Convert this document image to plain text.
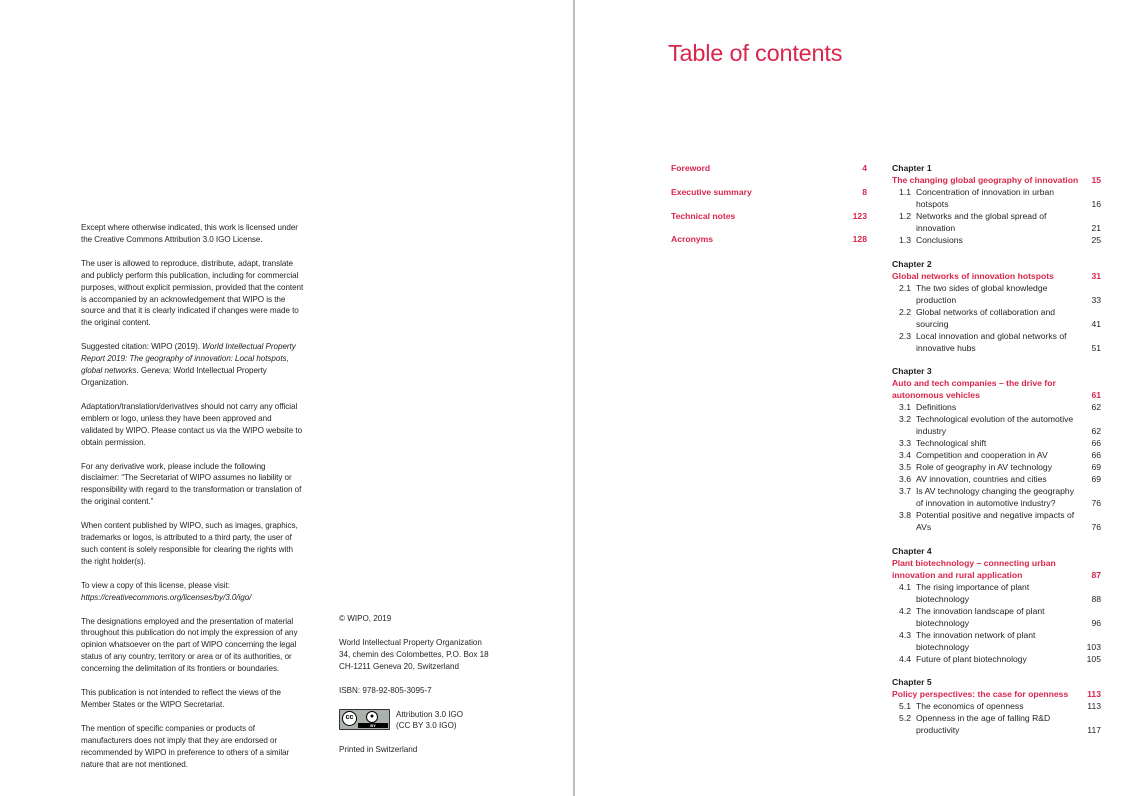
Except where otherwise indicated, this work is licensed under the Creative Commons Attribution 3.0 IGO License.

The user is allowed to reproduce, distribute, adapt, translate and publicly perform this publication, including for commercial purposes, without explicit permission, provided that the content is accompanied by an acknowledgement that WIPO is the source and that it is clearly indicated if changes were made to the original content.

Suggested citation: WIPO (2019). World Intellectual Property Report 2019: The geography of innovation: Local hotspots, global networks. Geneva: World Intellectual Property Organization.

Adaptation/translation/derivatives should not carry any official emblem or logo, unless they have been approved and validated by WIPO. Please contact us via the WIPO website to obtain permission.

For any derivative work, please include the following disclaimer: “The Secretariat of WIPO assumes no liability or responsibility with regard to the transformation or translation of the original content.”

When content published by WIPO, such as images, graphics, trademarks or logos, is attributed to a third party, the user of such content is solely responsible for clearing the rights with the right holder(s).

To view a copy of this license, please visit:
https://creativecommons.org/licenses/by/3.0/igo/

The designations employed and the presentation of material throughout this publication do not imply the expression of any opinion whatsoever on the part of WIPO concerning the legal status of any country, territory or area or of its authorities, or concerning the delimitation of its frontiers or boundaries.

This publication is not intended to reflect the views of the Member States or the WIPO Secretariat.

The mention of specific companies or products of manufacturers does not imply that they are endorsed or recommended by WIPO in preference to others of a similar nature that are not mentioned.

© WIPO, 2019

World Intellectual Property Organization
34, chemin des Colombettes, P.O. Box 18
CH-1211 Geneva 20, Switzerland

ISBN: 978-92-805-3095-7

cc	●
BY
Attribution 3.0 IGO
(CC BY 3.0 IGO)

Printed in Switzerland

Table of contents
Foreword	4
Executive summary	8
Technical notes	123
Acronyms	128
Chapter 1
The changing global geography of innovation 15
1.1 Concentration of innovation in urban hotspots	16
1.2 Networks and the global spread of innovation	21
1.3 Conclusions	25
Chapter 2
Global networks of innovation hotspots	31
2.1 The two sides of global knowledge production	33
2.2 Global networks of collaboration and sourcing	41
2.3 Local innovation and global networks of innovative hubs	51
Chapter 3
Auto and tech companies – the drive for autonomous vehicles	61
3.1 Definitions	62
3.2 Technological evolution of the automotive industry	62
3.3 Technological shift	66
3.4 Competition and cooperation in AV	66
3.5 Role of geography in AV technology	69
3.6 AV innovation, countries and cities	69
3.7 Is AV technology changing the geography of innovation in automotive industry?	76
3.8 Potential positive and negative impacts of AVs	76
Chapter 4
Plant biotechnology – connecting urban innovation and rural application	87
4.1 The rising importance of plant biotechnology	88
4.2 The innovation landscape of plant biotechnology	96
4.3 The innovation network of plant biotechnology	103
4.4 Future of plant biotechnology	105
Chapter 5
Policy perspectives: the case for openness 113
5.1 The economics of openness	113
5.2 Openness in the age of falling R&D productivity	117
